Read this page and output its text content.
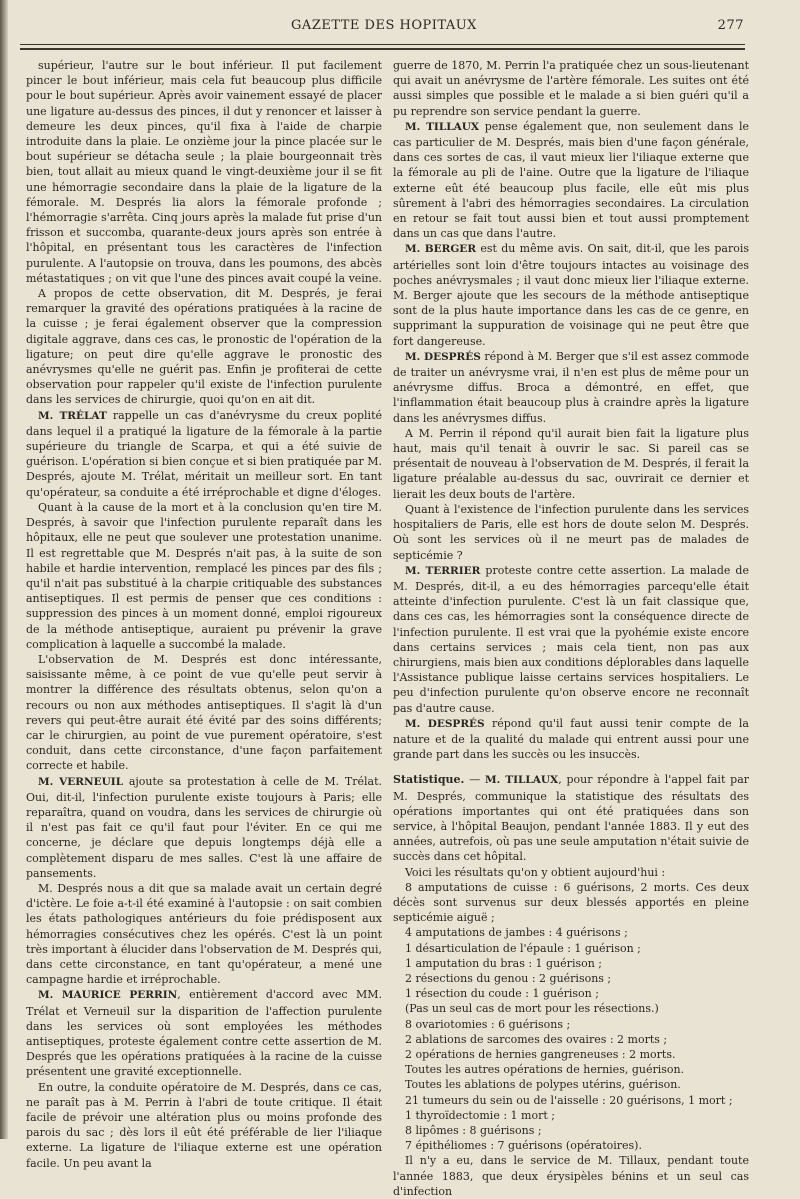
GAZETTE DES HOPITAUX	277

supérieur, l'autre sur le bout inférieur. Il put facilement pincer le bout inférieur, mais cela fut beaucoup plus difficile pour le bout supérieur. Après avoir vainement essayé de placer une ligature au-dessus des pinces, il dut y renoncer et laisser à demeure les deux pinces, qu'il fixa à l'aide de charpie introduite dans la plaie. Le onzième jour la pince placée sur le bout supérieur se détacha seule ; la plaie bourgeonnait très bien, tout allait au mieux quand le vingt-deuxième jour il se fit une hémorragie secondaire dans la plaie de la ligature de la fémorale. M. Després lia alors la fémorale profonde ; l'hémorragie s'arrêta. Cinq jours après la malade fut prise d'un frisson et succomba, quarante-deux jours après son entrée à l'hôpital, en présentant tous les caractères de l'infection purulente. A l'autopsie on trouva, dans les poumons, des abcès métastatiques ; on vit que l'une des pinces avait coupé la veine.

A propos de cette observation, dit M. Després, je ferai remarquer la gravité des opérations pratiquées à la racine de la cuisse ; je ferai également observer que la compression digitale aggrave, dans ces cas, le pronostic de l'opération de la ligature; on peut dire qu'elle aggrave le pronostic des anévrysmes qu'elle ne guérit pas. Enfin je profiterai de cette observation pour rappeler qu'il existe de l'infection purulente dans les services de chirurgie, quoi qu'on en ait dit.

M. TRÉLAT rappelle un cas d'anévrysme du creux poplité dans lequel il a pratiqué la ligature de la fémorale à la partie supérieure du triangle de Scarpa, et qui a été suivie de guérison. L'opération si bien conçue et si bien pratiquée par M. Després, ajoute M. Trélat, méritait un meilleur sort. En tant qu'opérateur, sa conduite a été irréprochable et digne d'éloges.

Quant à la cause de la mort et à la conclusion qu'en tire M. Després, à savoir que l'infection purulente reparaît dans les hôpitaux, elle ne peut que soulever une protestation unanime. Il est regrettable que M. Després n'ait pas, à la suite de son habile et hardie intervention, remplacé les pinces par des fils ; qu'il n'ait pas substitué à la charpie critiquable des substances antiseptiques. Il est permis de penser que ces conditions : suppression des pinces à un moment donné, emploi rigoureux de la méthode antiseptique, auraient pu prévenir la grave complication à laquelle a succombé la malade.

L'observation de M. Després est donc intéressante, saisissante même, à ce point de vue qu'elle peut servir à montrer la différence des résultats obtenus, selon qu'on a recours ou non aux méthodes antiseptiques. Il s'agit là d'un revers qui peut-être aurait été évité par des soins différents; car le chirurgien, au point de vue purement opératoire, s'est conduit, dans cette circonstance, d'une façon parfaitement correcte et habile.

M. VERNEUIL ajoute sa protestation à celle de M. Trélat. Oui, dit-il, l'infection purulente existe toujours à Paris; elle reparaîtra, quand on voudra, dans les services de chirurgie où il n'est pas fait ce qu'il faut pour l'éviter. En ce qui me concerne, je déclare que depuis longtemps déjà elle a complètement disparu de mes salles. C'est là une affaire de pansements.

M. Després nous a dit que sa malade avait un certain degré d'ictère. Le foie a-t-il été examiné à l'autopsie : on sait combien les états pathologiques antérieurs du foie prédisposent aux hémorragies consécutives chez les opérés. C'est là un point très important à élucider dans l'observation de M. Després qui, dans cette circonstance, en tant qu'opérateur, a mené une campagne hardie et irréprochable.

M. MAURICE PERRIN, entièrement d'accord avec MM. Trélat et Verneuil sur la disparition de l'affection purulente dans les services où sont employées les méthodes antiseptiques, proteste également contre cette assertion de M. Després que les opérations pratiquées à la racine de la cuisse présentent une gravité exceptionnelle.

En outre, la conduite opératoire de M. Després, dans ce cas, ne paraît pas à M. Perrin à l'abri de toute critique. Il était facile de prévoir une altération plus ou moins profonde des parois du sac ; dès lors il eût été préférable de lier l'iliaque externe. La ligature de l'iliaque externe est une opération facile. Un peu avant la

guerre de 1870, M. Perrin l'a pratiquée chez un sous-lieutenant qui avait un anévrysme de l'artère fémorale. Les suites ont été aussi simples que possible et le malade a si bien guéri qu'il a pu reprendre son service pendant la guerre.

M. TILLAUX pense également que, non seulement dans le cas particulier de M. Després, mais bien d'une façon générale, dans ces sortes de cas, il vaut mieux lier l'iliaque externe que la fémorale au pli de l'aine. Outre que la ligature de l'iliaque externe eût été beaucoup plus facile, elle eût mis plus sûrement à l'abri des hémorragies secondaires. La circulation en retour se fait tout aussi bien et tout aussi promptement dans un cas que dans l'autre.

M. BERGER est du même avis. On sait, dit-il, que les parois artérielles sont loin d'être toujours intactes au voisinage des poches anévrysmales ; il vaut donc mieux lier l'iliaque externe. M. Berger ajoute que les secours de la méthode antiseptique sont de la plus haute importance dans les cas de ce genre, en supprimant la suppuration de voisinage qui ne peut être que fort dangereuse.

M. DESPRÉS répond à M. Berger que s'il est assez commode de traiter un anévrysme vrai, il n'en est plus de même pour un anévrysme diffus. Broca a démontré, en effet, que l'inflammation était beaucoup plus à craindre après la ligature dans les anévrysmes diffus.

A M. Perrin il répond qu'il aurait bien fait la ligature plus haut, mais qu'il tenait à ouvrir le sac. Si pareil cas se présentait de nouveau à l'observation de M. Després, il ferait la ligature préalable au-dessus du sac, ouvrirait ce dernier et lierait les deux bouts de l'artère.

Quant à l'existence de l'infection purulente dans les services hospitaliers de Paris, elle est hors de doute selon M. Després. Où sont les services où il ne meurt pas de malades de septicémie ?

M. TERRIER proteste contre cette assertion. La malade de M. Després, dit-il, a eu des hémorragies parcequ'elle était atteinte d'infection purulente. C'est là un fait classique que, dans ces cas, les hémorragies sont la conséquence directe de l'infection purulente. Il est vrai que la pyohémie existe encore dans certains services ; mais cela tient, non pas aux chirurgiens, mais bien aux conditions déplorables dans laquelle l'Assistance publique laisse certains services hospitaliers. Le peu d'infection purulente qu'on observe encore ne reconnaît pas d'autre cause.

M. DESPRÉS répond qu'il faut aussi tenir compte de la nature et de la qualité du malade qui entrent aussi pour une grande part dans les succès ou les insuccès.

Statistique. — M. TILLAUX, pour répondre à l'appel fait par M. Després, communique la statistique des résultats des opérations importantes qui ont été pratiquées dans son service, à l'hôpital Beaujon, pendant l'année 1883. Il y eut des années, autrefois, où pas une seule amputation n'était suivie de succès dans cet hôpital.

Voici les résultats qu'on y obtient aujourd'hui :

8 amputations de cuisse : 6 guérisons, 2 morts. Ces deux décès sont survenus sur deux blessés apportés en pleine septicémie aiguë ;

4 amputations de jambes : 4 guérisons ;

1 désarticulation de l'épaule : 1 guérison ;

1 amputation du bras : 1 guérison ;

2 résections du genou : 2 guérisons ;

1 résection du coude : 1 guérison ;

(Pas un seul cas de mort pour les résections.)

8 ovariotomies : 6 guérisons ;

2 ablations de sarcomes des ovaires : 2 morts ;

2 opérations de hernies gangreneuses : 2 morts.

Toutes les autres opérations de hernies, guérison.

Toutes les ablations de polypes utérins, guérison.

21 tumeurs du sein ou de l'aisselle : 20 guérisons, 1 mort ;

1 thyroïdectomie : 1 mort ;

8 lipômes : 8 guérisons ;

7 épithéliomes : 7 guérisons (opératoires).

Il n'y a eu, dans le service de M. Tillaux, pendant toute l'année 1883, que deux érysipèles bénins et un seul cas d'infection
